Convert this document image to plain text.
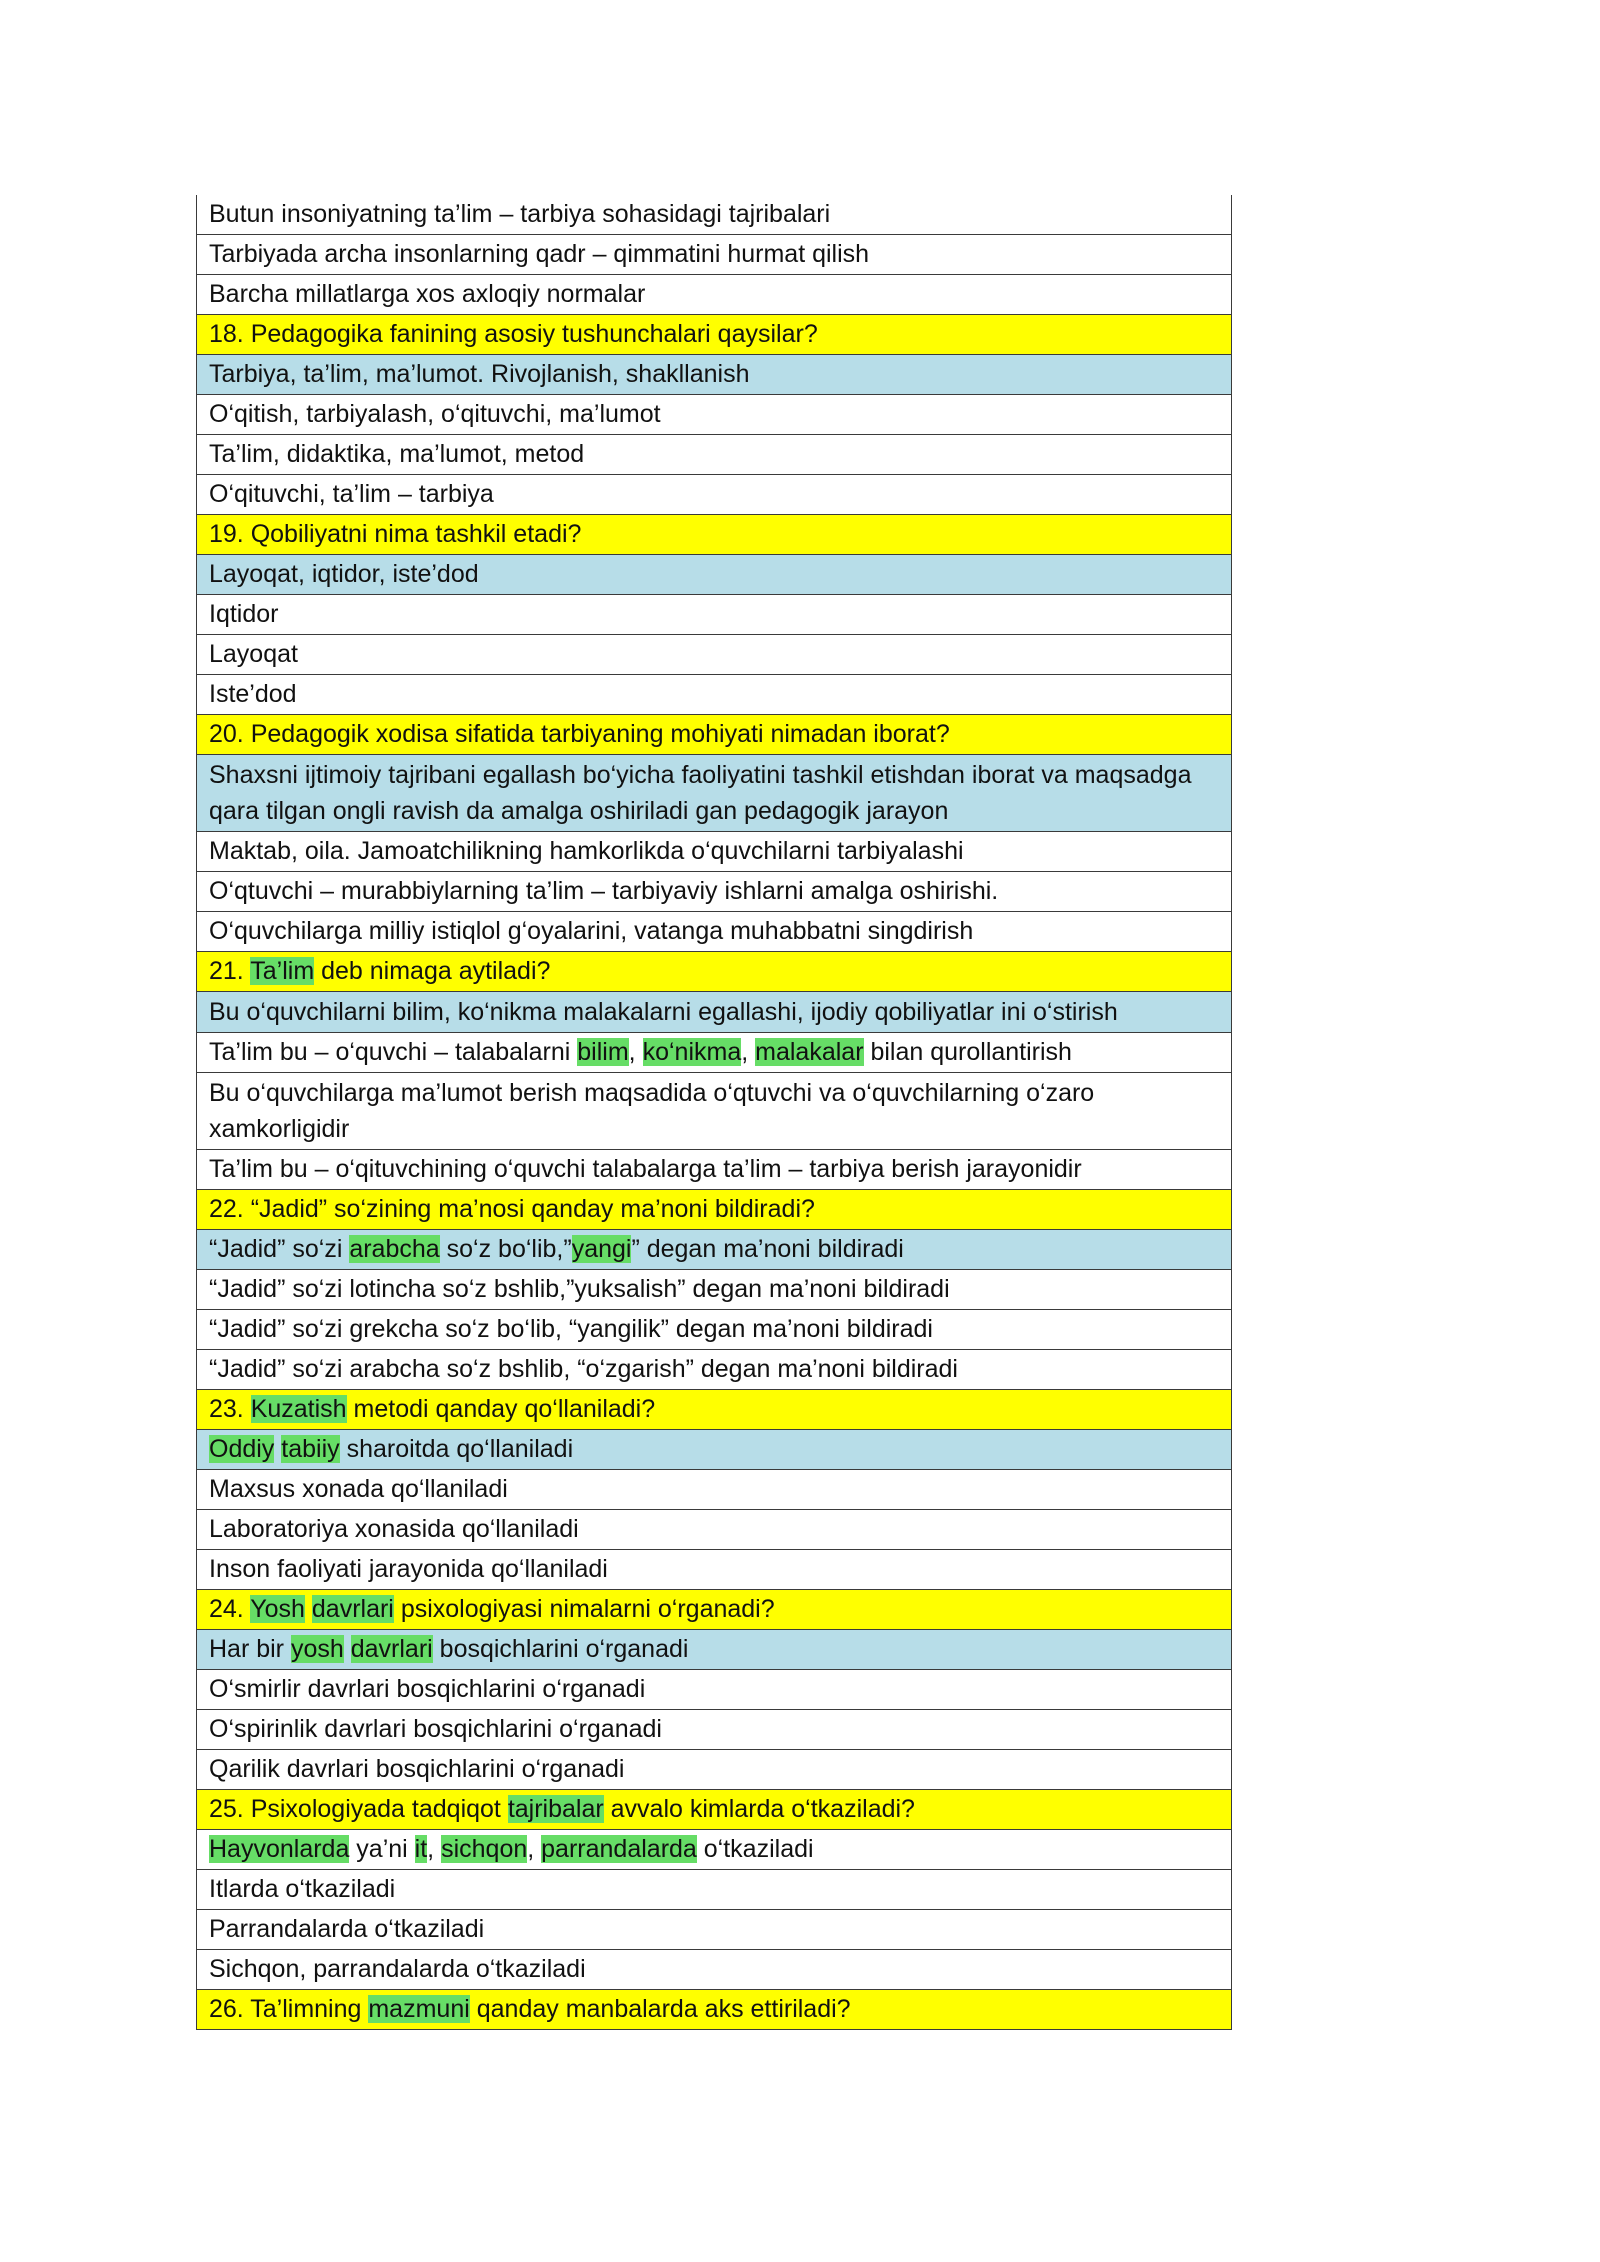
Butun insoniyatning ta’lim – tarbiya sohasidagi tajribalari
Tarbiyada archa insonlarning qadr – qimmatini hurmat qilish
Barcha millatlarga xos axloqiy normalar
18. Pedagogika fanining asosiy tushunchalari qaysilar?
Tarbiya, ta’lim, ma’lumot. Rivojlanish, shakllanish
O‘qitish, tarbiyalash, o‘qituvchi, ma’lumot
Ta’lim, didaktika, ma’lumot, metod
O‘qituvchi, ta’lim – tarbiya
19. Qobiliyatni nima tashkil etadi?
Layoqat, iqtidor, iste’dod
Iqtidor
Layoqat
Iste’dod
20. Pedagogik xodisa sifatida tarbiyaning mohiyati nimadan iborat?
Shaxsni ijtimoiy tajribani egallash bo‘yicha faoliyatini tashkil etishdan iborat va maqsadga qara tilgan ongli ravish da amalga oshiriladi gan pedagogik jarayon
Maktab, oila. Jamoatchilikning hamkorlikda o‘quvchilarni tarbiyalashi
O‘qtuvchi – murabbiylarning ta’lim – tarbiyaviy ishlarni amalga oshirishi.
O‘quvchilarga milliy istiqlol g‘oyalarini, vatanga muhabbatni singdirish
21. Ta’lim deb nimaga aytiladi?
Bu o‘quvchilarni bilim, ko‘nikma malakalarni egallashi, ijodiy qobiliyatlar ini o‘stirish
Ta’lim bu – o‘quvchi – talabalarni bilim, ko‘nikma, malakalar bilan qurollantirish
Bu o‘quvchilarga ma’lumot berish maqsadida o‘qtuvchi va o‘quvchilarning o‘zaro xamkorligidir
Ta’lim bu – o‘qituvchining o‘quvchi talabalarga ta’lim – tarbiya berish jarayonidir
22. “Jadid” so‘zining ma’nosi qanday ma’noni bildiradi?
“Jadid” so‘zi arabcha so‘z bo‘lib,”yangi” degan ma’noni bildiradi
“Jadid” so‘zi lotincha so‘z bshlib,”yuksalish” degan ma’noni bildiradi
“Jadid” so‘zi grekcha so‘z bo‘lib, “yangilik” degan ma’noni bildiradi
“Jadid” so‘zi arabcha so‘z bshlib, “o‘zgarish” degan ma’noni bildiradi
23. Kuzatish metodi qanday qo‘llaniladi?
Oddiy tabiiy sharoitda qo‘llaniladi
Maxsus xonada qo‘llaniladi
Laboratoriya xonasida qo‘llaniladi
Inson faoliyati jarayonida qo‘llaniladi
24. Yosh davrlari psixologiyasi nimalarni o‘rganadi?
Har bir yosh davrlari bosqichlarini o‘rganadi
O‘smirlir davrlari bosqichlarini o‘rganadi
O‘spirinlik davrlari bosqichlarini o‘rganadi
Qarilik davrlari bosqichlarini o‘rganadi
25. Psixologiyada tadqiqot tajribalar avvalo kimlarda o‘tkaziladi?
Hayvonlarda ya’ni it, sichqon, parrandalarda o‘tkaziladi
Itlarda o‘tkaziladi
Parrandalarda o‘tkaziladi
Sichqon, parrandalarda o‘tkaziladi
26. Ta’limning mazmuni qanday manbalarda aks ettiriladi?
